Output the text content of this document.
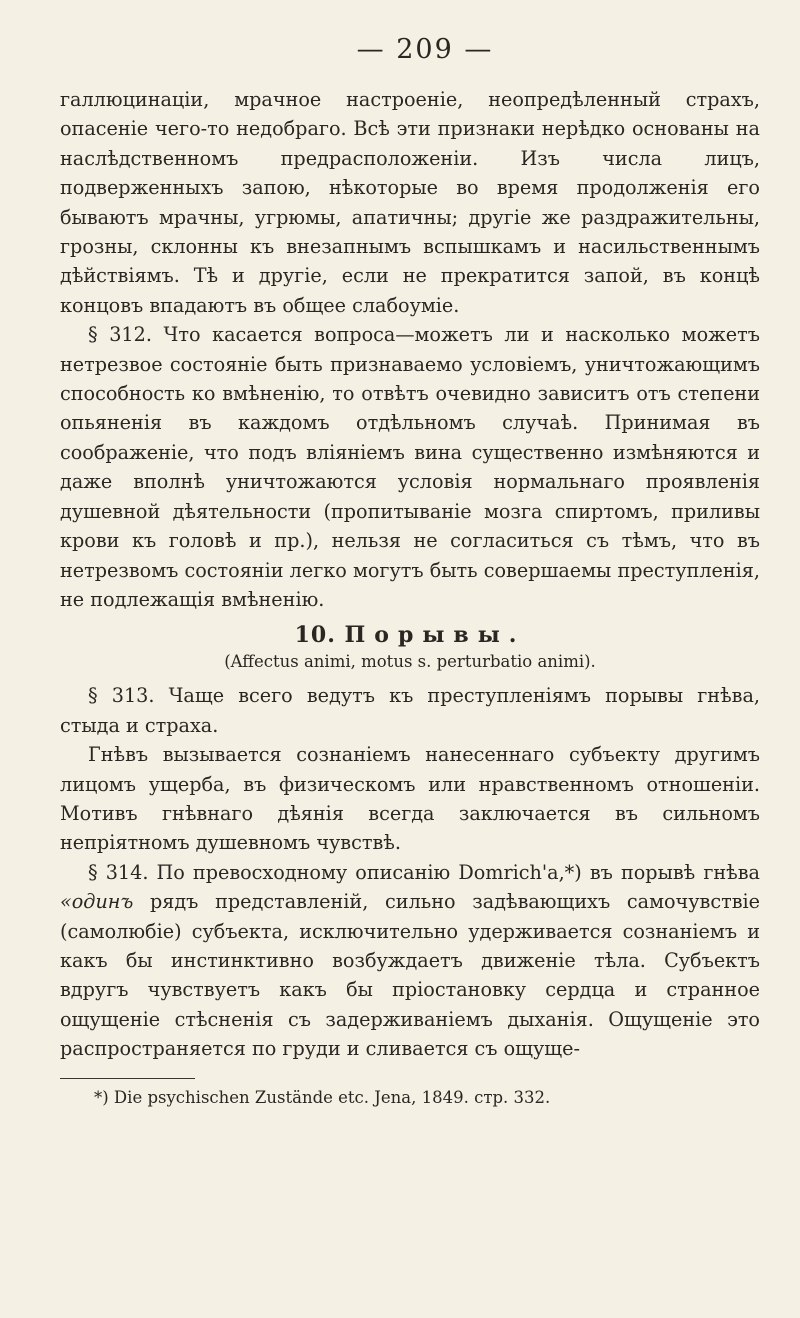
— 209 —

галлюцинаціи, мрачное настроеніе, неопредѣленный страхъ, опасеніе чего-то недобраго. Всѣ эти признаки нерѣдко основаны на наслѣдственномъ предрасположеніи. Изъ числа лицъ, подверженныхъ запою, нѣкоторые во время продолженія его бываютъ мрачны, угрюмы, апатичны; другіе же раздражительны, грозны, склонны къ внезапнымъ вспышкамъ и насильственнымъ дѣйствіямъ. Тѣ и другіе, если не прекратится запой, въ концѣ концовъ впадаютъ въ общее слабоуміе.

§ 312. Что касается вопроса—можетъ ли и насколько можетъ нетрезвое состояніе быть признаваемо условіемъ, уничтожающимъ способность ко вмѣненію, то отвѣтъ очевидно зависитъ отъ степени опьяненія въ каждомъ отдѣльномъ случаѣ. Принимая въ соображеніе, что подъ вліяніемъ вина существенно измѣняются и даже вполнѣ уничтожаются условія нормальнаго проявленія душевной дѣятельности (пропитываніе мозга спиртомъ, приливы крови къ головѣ и пр.), нельзя не согласиться съ тѣмъ, что въ нетрезвомъ состояніи легко могутъ быть совершаемы преступленія, не подлежащія вмѣненію.

10. Порывы.
(Affectus animi, motus s. perturbatio animi).

§ 313. Чаще всего ведутъ къ преступленіямъ порывы гнѣва, стыда и страха.

Гнѣвъ вызывается сознаніемъ нанесеннаго субъекту другимъ лицомъ ущерба, въ физическомъ или нравственномъ отношеніи. Мотивъ гнѣвнаго дѣянія всегда заключается въ сильномъ непріятномъ душевномъ чувствѣ.

§ 314. По превосходному описанію Domrich'a,*) въ порывѣ гнѣва «одинъ рядъ представленій, сильно задѣвающихъ самочувствіе (самолюбіе) субъекта, исключительно удерживается сознаніемъ и какъ бы инстинктивно возбуждаетъ движеніе тѣла. Субъектъ вдругъ чувствуетъ какъ бы пріостановку сердца и странное ощущеніе стѣсненія съ задерживаніемъ дыханія. Ощущеніе это распространяется по груди и сливается съ ощуще-

*) Die psychischen Zustände etc. Jena, 1849. стр. 332.
